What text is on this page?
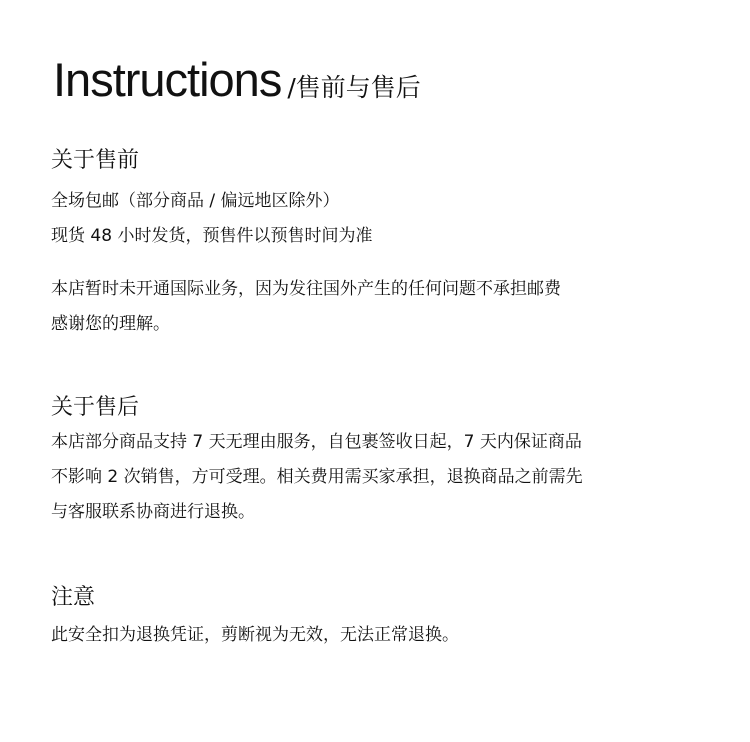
Instructions /售前与售后

关于售前

全场包邮（部分商品 / 偏远地区除外）

现货 48 小时发货，预售件以预售时间为准

本店暂时未开通国际业务，因为发往国外产生的任何问题不承担邮费

感谢您的理解。

关于售后

本店部分商品支持 7 天无理由服务，自包裹签收日起，7 天内保证商品

不影响 2 次销售，方可受理。相关费用需买家承担，退换商品之前需先

与客服联系协商进行退换。

注意

此安全扣为退换凭证，剪断视为无效，无法正常退换。
